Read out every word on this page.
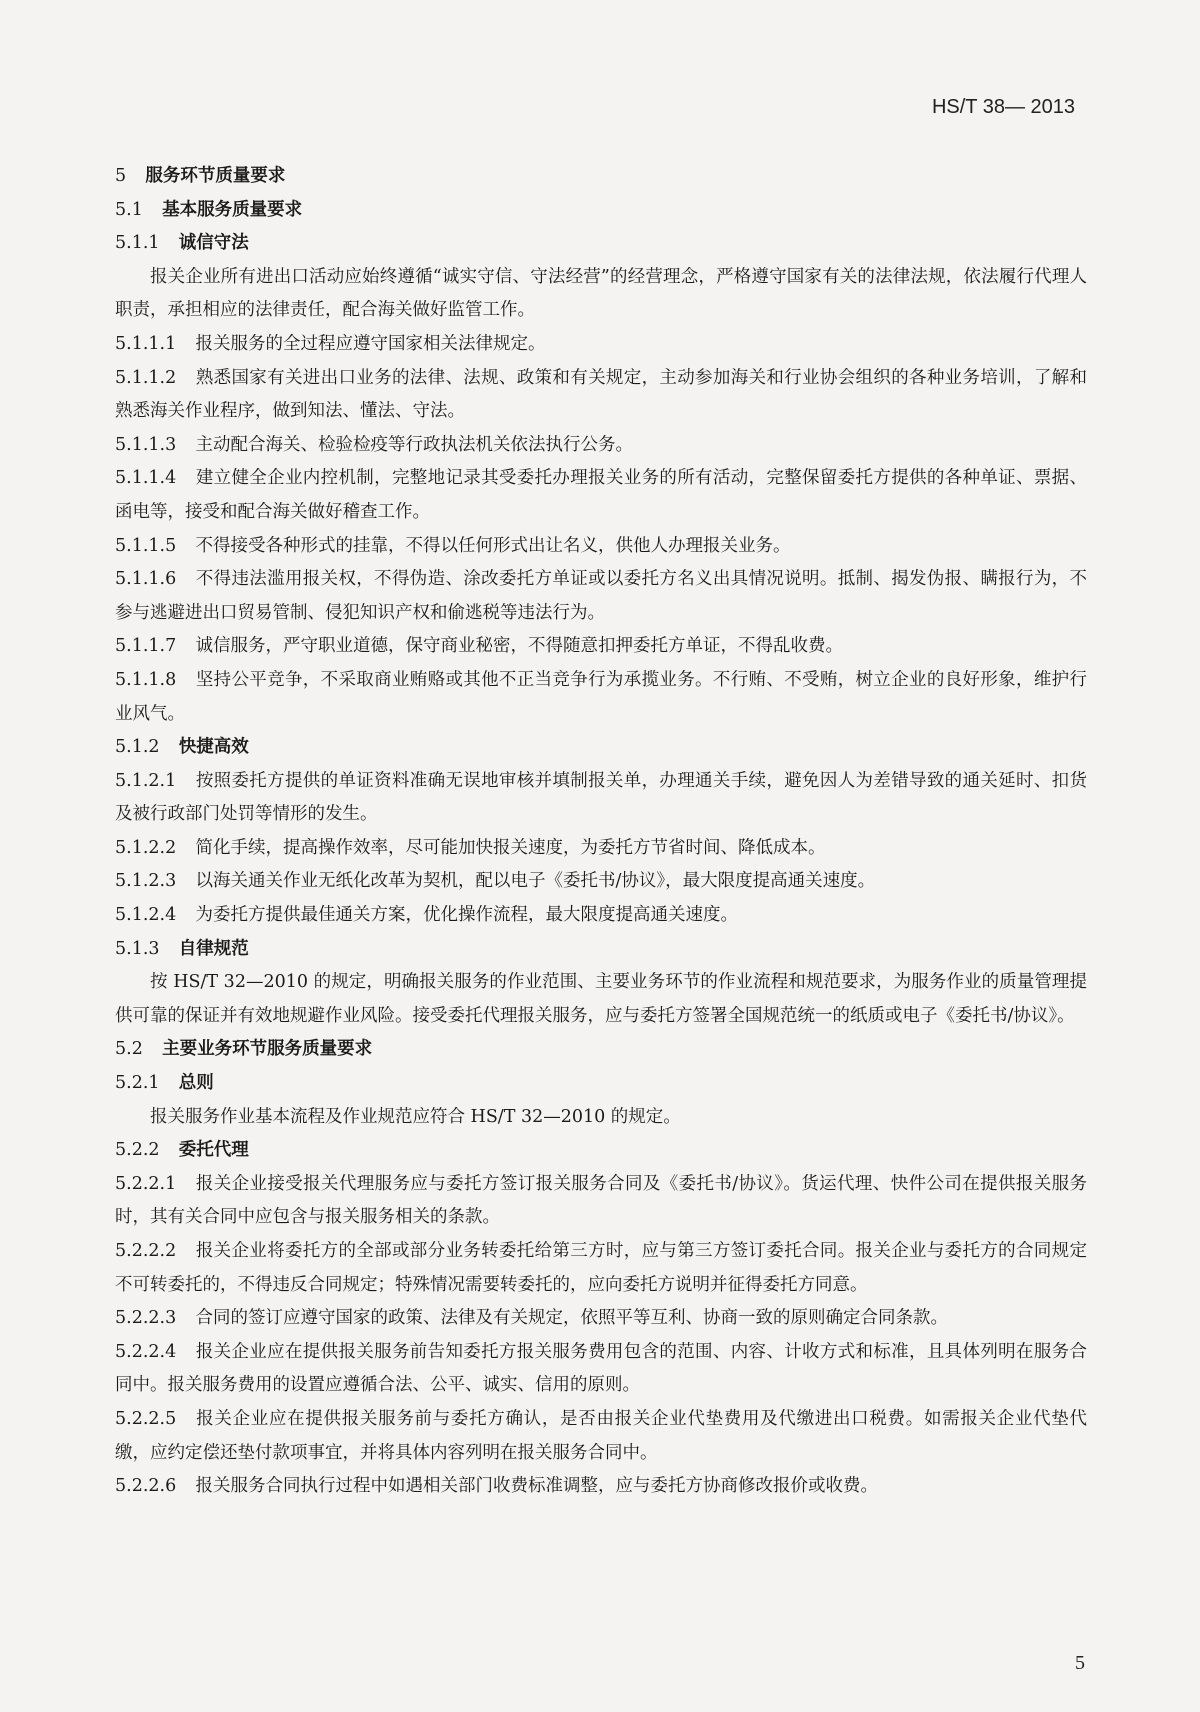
HS/T 38— 2013

5 服务环节质量要求

5.1 基本服务质量要求

5.1.1 诚信守法

报关企业所有进出口活动应始终遵循“诚实守信、守法经营”的经营理念，严格遵守国家有关的法律法规，依法履行代理人职责，承担相应的法律责任，配合海关做好监管工作。

5.1.1.1 报关服务的全过程应遵守国家相关法律规定。

5.1.1.2 熟悉国家有关进出口业务的法律、法规、政策和有关规定，主动参加海关和行业协会组织的各种业务培训，了解和熟悉海关作业程序，做到知法、懂法、守法。

5.1.1.3 主动配合海关、检验检疫等行政执法机关依法执行公务。

5.1.1.4 建立健全企业内控机制，完整地记录其受委托办理报关业务的所有活动，完整保留委托方提供的各种单证、票据、函电等，接受和配合海关做好稽查工作。

5.1.1.5 不得接受各种形式的挂靠，不得以任何形式出让名义，供他人办理报关业务。

5.1.1.6 不得违法滥用报关权，不得伪造、涂改委托方单证或以委托方名义出具情况说明。抵制、揭发伪报、瞒报行为，不参与逃避进出口贸易管制、侵犯知识产权和偷逃税等违法行为。

5.1.1.7 诚信服务，严守职业道德，保守商业秘密，不得随意扣押委托方单证，不得乱收费。

5.1.1.8 坚持公平竞争，不采取商业贿赂或其他不正当竞争行为承揽业务。不行贿、不受贿，树立企业的良好形象，维护行业风气。

5.1.2 快捷高效

5.1.2.1 按照委托方提供的单证资料准确无误地审核并填制报关单，办理通关手续，避免因人为差错导致的通关延时、扣货及被行政部门处罚等情形的发生。

5.1.2.2 简化手续，提高操作效率，尽可能加快报关速度，为委托方节省时间、降低成本。

5.1.2.3 以海关通关作业无纸化改革为契机，配以电子《委托书/协议》，最大限度提高通关速度。

5.1.2.4 为委托方提供最佳通关方案，优化操作流程，最大限度提高通关速度。

5.1.3 自律规范

按 HS/T 32—2010 的规定，明确报关服务的作业范围、主要业务环节的作业流程和规范要求，为服务作业的质量管理提供可靠的保证并有效地规避作业风险。接受委托代理报关服务，应与委托方签署全国规范统一的纸质或电子《委托书/协议》。

5.2 主要业务环节服务质量要求

5.2.1 总则

报关服务作业基本流程及作业规范应符合 HS/T 32—2010 的规定。

5.2.2 委托代理

5.2.2.1 报关企业接受报关代理服务应与委托方签订报关服务合同及《委托书/协议》。货运代理、快件公司在提供报关服务时，其有关合同中应包含与报关服务相关的条款。

5.2.2.2 报关企业将委托方的全部或部分业务转委托给第三方时，应与第三方签订委托合同。报关企业与委托方的合同规定不可转委托的，不得违反合同规定；特殊情况需要转委托的，应向委托方说明并征得委托方同意。

5.2.2.3 合同的签订应遵守国家的政策、法律及有关规定，依照平等互利、协商一致的原则确定合同条款。

5.2.2.4 报关企业应在提供报关服务前告知委托方报关服务费用包含的范围、内容、计收方式和标准，且具体列明在服务合同中。报关服务费用的设置应遵循合法、公平、诚实、信用的原则。

5.2.2.5 报关企业应在提供报关服务前与委托方确认，是否由报关企业代垫费用及代缴进出口税费。如需报关企业代垫代缴，应约定偿还垫付款项事宜，并将具体内容列明在报关服务合同中。

5.2.2.6 报关服务合同执行过程中如遇相关部门收费标准调整，应与委托方协商修改报价或收费。

5
